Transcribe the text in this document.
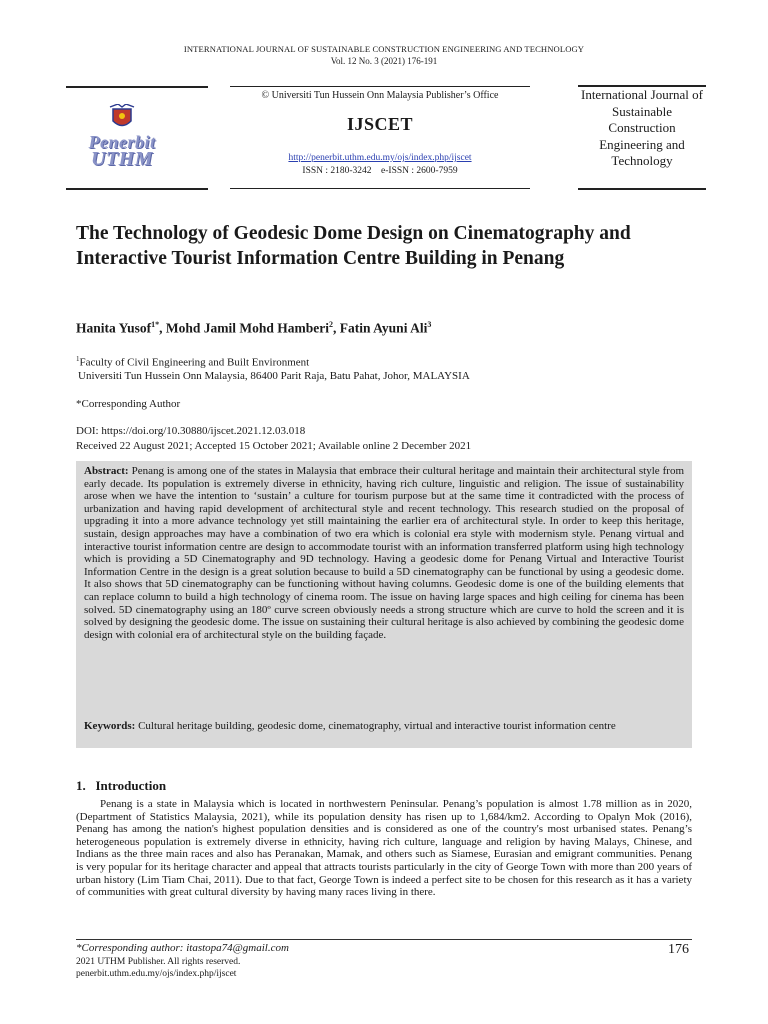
INTERNATIONAL JOURNAL OF SUSTAINABLE CONSTRUCTION ENGINEERING AND TECHNOLOGY
Vol. 12 No. 3 (2021) 176-191
Penerbit
UTHM
© Universiti Tun Hussein Onn Malaysia Publisher’s Office
IJSCET
http://penerbit.uthm.edu.my/ojs/index.php/ijscet
ISSN : 2180-3242    e-ISSN : 2600-7959
International Journal of Sustainable Construction Engineering and Technology
The Technology of Geodesic Dome Design on Cinematography and Interactive Tourist Information Centre Building in Penang
Hanita Yusof$^{1*}$, Mohd Jamil Mohd Hamberi$^2$, Fatin Ayuni Ali$^3$
$^1$Faculty of Civil Engineering and Built Environment
Universiti Tun Hussein Onn Malaysia, 86400 Parit Raja, Batu Pahat, Johor, MALAYSIA
*Corresponding Author
DOI: https://doi.org/10.30880/ijscet.2021.12.03.018
Received 22 August 2021; Accepted 15 October 2021; Available online 2 December 2021
Abstract: Penang is among one of the states in Malaysia that embrace their cultural heritage and maintain their architectural style from early decade. Its population is extremely diverse in ethnicity, having rich culture, linguistic and religion. The issue of sustainability arose when we have the intention to ‘sustain’ a culture for tourism purpose but at the same time it contradicted with the process of urbanization and having rapid development of architectural style and recent technology. This research studied on the proposal of upgrading it into a more advance technology yet still maintaining the earlier era of architectural style. In order to keep this heritage, sustain, design approaches may have a combination of two era which is colonial era style with modernism style. Penang virtual and interactive tourist information centre are design to accommodate tourist with an information transferred platform using high technology which is providing a 5D Cinematography and 9D technology. Having a geodesic dome for Penang Virtual and Interactive Tourist Information Centre in the design is a great solution because to build a 5D cinematography can be functional by using a geodesic dome. It also shows that 5D cinematography can be functioning without having columns. Geodesic dome is one of the building elements that can replace column to build a high technology of cinema room. The issue on having large spaces and high ceiling for cinema has been solved. 5D cinematography using an 180º curve screen obviously needs a strong structure which are curve to hold the screen and it is solved by designing the geodesic dome. The issue on sustaining their cultural heritage is also achieved by combining the geodesic dome design with colonial era of architectural style on the building façade.
Keywords: Cultural heritage building, geodesic dome, cinematography, virtual and interactive tourist information centre
1.   Introduction
Penang is a state in Malaysia which is located in northwestern Peninsular. Penang’s population is almost 1.78 million as in 2020, (Department of Statistics Malaysia, 2021), while its population density has risen up to 1,684/km2. According to Opalyn Mok (2016), Penang has among the nation's highest population densities and is considered as one of the country's most urbanised states. Penang’s heterogeneous population is extremely diverse in ethnicity, having rich culture, language and religion by having Malays, Chinese, and Indians as the three main races and also has Peranakan, Mamak, and others such as Siamese, Eurasian and emigrant communities. Penang is very popular for its heritage character and appeal that attracts tourists particularly in the city of George Town with more than 200 years of urban history (Lim Tiam Chai, 2011). Due to that fact, George Town is indeed a perfect site to be chosen for this research as it has a variety of communities with great cultural diversity by having many races living in there.
*Corresponding author: itastopa74@gmail.com
2021 UTHM Publisher. All rights reserved.
penerbit.uthm.edu.my/ojs/index.php/ijscet
176
